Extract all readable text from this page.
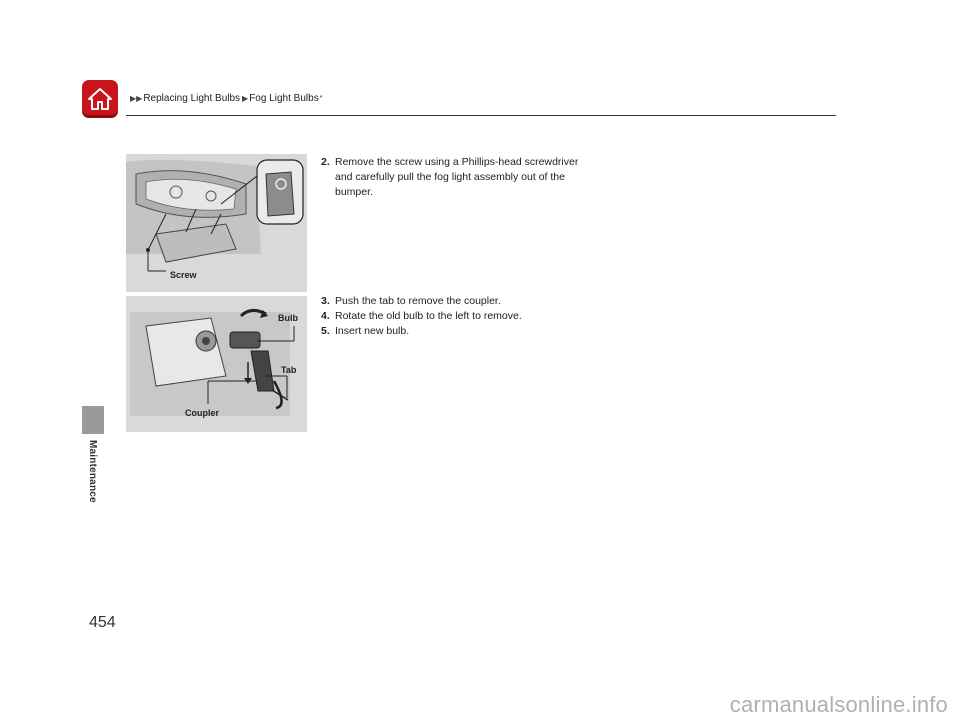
▶▶ Replacing Light Bulbs ▶ Fog Light Bulbs *
Maintenance
454
Screw
Bulb
Tab
Coupler
2. Remove the screw using a Phillips-head screwdriver and carefully pull the fog light assembly out of the bumper.
3. Push the tab to remove the coupler.
4. Rotate the old bulb to the left to remove.
5. Insert new bulb.
carmanualsonline.info
